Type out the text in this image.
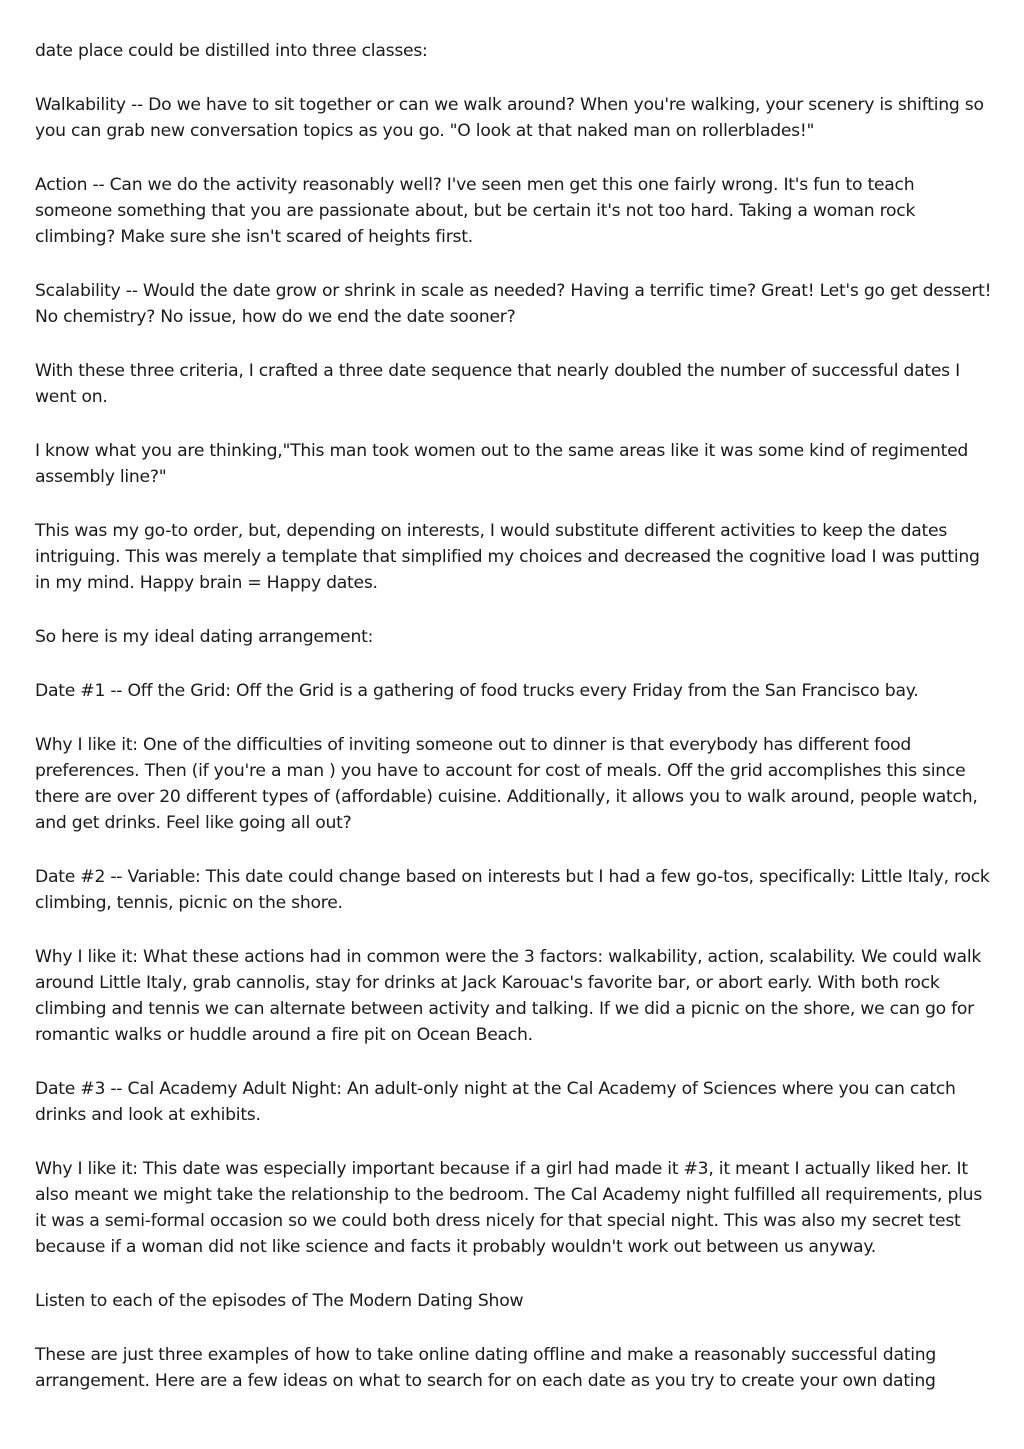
date place could be distilled into three classes:

Walkability -- Do we have to sit together or can we walk around? When you're walking, your scenery is shifting so you can grab new conversation topics as you go. "O look at that naked man on rollerblades!"

Action -- Can we do the activity reasonably well? I've seen men get this one fairly wrong. It's fun to teach someone something that you are passionate about, but be certain it's not too hard. Taking a woman rock climbing? Make sure she isn't scared of heights first.

Scalability -- Would the date grow or shrink in scale as needed? Having a terrific time? Great! Let's go get dessert! No chemistry? No issue, how do we end the date sooner?

With these three criteria, I crafted a three date sequence that nearly doubled the number of successful dates I went on.

I know what you are thinking,"This man took women out to the same areas like it was some kind of regimented assembly line?"

This was my go-to order, but, depending on interests, I would substitute different activities to keep the dates intriguing. This was merely a template that simplified my choices and decreased the cognitive load I was putting in my mind. Happy brain = Happy dates.

So here is my ideal dating arrangement:

Date #1 -- Off the Grid: Off the Grid is a gathering of food trucks every Friday from the San Francisco bay.

Why I like it: One of the difficulties of inviting someone out to dinner is that everybody has different food preferences. Then (if you're a man ) you have to account for cost of meals. Off the grid accomplishes this since there are over 20 different types of (affordable) cuisine. Additionally, it allows you to walk around, people watch, and get drinks. Feel like going all out?

Date #2 -- Variable: This date could change based on interests but I had a few go-tos, specifically: Little Italy, rock climbing, tennis, picnic on the shore.

Why I like it: What these actions had in common were the 3 factors: walkability, action, scalability. We could walk around Little Italy, grab cannolis, stay for drinks at Jack Karouac's favorite bar, or abort early. With both rock climbing and tennis we can alternate between activity and talking. If we did a picnic on the shore, we can go for romantic walks or huddle around a fire pit on Ocean Beach.

Date #3 -- Cal Academy Adult Night: An adult-only night at the Cal Academy of Sciences where you can catch drinks and look at exhibits.

Why I like it: This date was especially important because if a girl had made it #3, it meant I actually liked her. It also meant we might take the relationship to the bedroom. The Cal Academy night fulfilled all requirements, plus it was a semi-formal occasion so we could both dress nicely for that special night. This was also my secret test because if a woman did not like science and facts it probably wouldn't work out between us anyway.

Listen to each of the episodes of The Modern Dating Show

These are just three examples of how to take online dating offline and make a reasonably successful dating arrangement. Here are a few ideas on what to search for on each date as you try to create your own dating
